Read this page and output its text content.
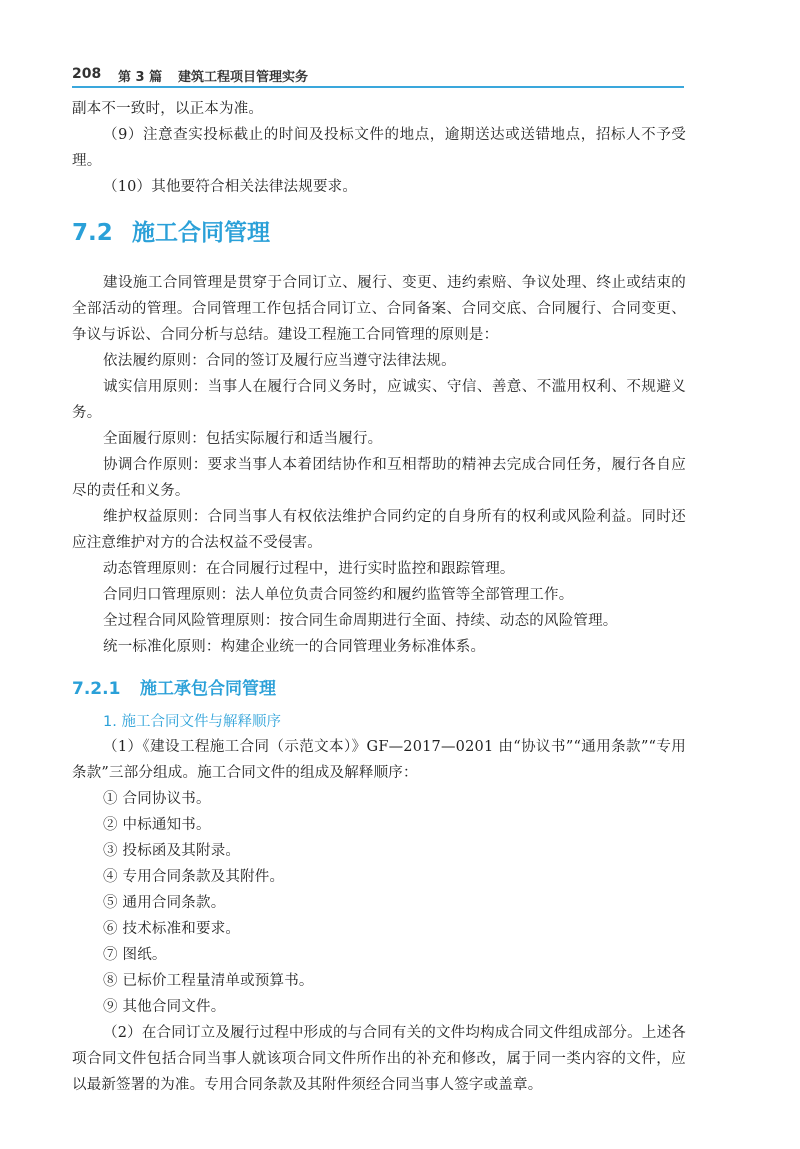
208 第 3 篇 建筑工程项目管理实务

副本不一致时，以正本为准。

（9）注意查实投标截止的时间及投标文件的地点，逾期送达或送错地点，招标人不予受理。

（10）其他要符合相关法律法规要求。

7.2 施工合同管理

建设施工合同管理是贯穿于合同订立、履行、变更、违约索赔、争议处理、终止或结束的全部活动的管理。合同管理工作包括合同订立、合同备案、合同交底、合同履行、合同变更、争议与诉讼、合同分析与总结。建设工程施工合同管理的原则是：

依法履约原则：合同的签订及履行应当遵守法律法规。

诚实信用原则：当事人在履行合同义务时，应诚实、守信、善意、不滥用权利、不规避义务。

全面履行原则：包括实际履行和适当履行。

协调合作原则：要求当事人本着团结协作和互相帮助的精神去完成合同任务，履行各自应尽的责任和义务。

维护权益原则：合同当事人有权依法维护合同约定的自身所有的权利或风险利益。同时还应注意维护对方的合法权益不受侵害。

动态管理原则：在合同履行过程中，进行实时监控和跟踪管理。

合同归口管理原则：法人单位负责合同签约和履约监管等全部管理工作。

全过程合同风险管理原则：按合同生命周期进行全面、持续、动态的风险管理。

统一标准化原则：构建企业统一的合同管理业务标准体系。

7.2.1 施工承包合同管理
1. 施工合同文件与解释顺序

（1）《建设工程施工合同（示范文本）》GF—2017—0201 由“协议书”“通用条款”“专用条款”三部分组成。施工合同文件的组成及解释顺序：

① 合同协议书。

② 中标通知书。

③ 投标函及其附录。

④ 专用合同条款及其附件。

⑤ 通用合同条款。

⑥ 技术标准和要求。

⑦ 图纸。

⑧ 已标价工程量清单或预算书。

⑨ 其他合同文件。

（2）在合同订立及履行过程中形成的与合同有关的文件均构成合同文件组成部分。上述各项合同文件包括合同当事人就该项合同文件所作出的补充和修改，属于同一类内容的文件，应以最新签署的为准。专用合同条款及其附件须经合同当事人签字或盖章。
